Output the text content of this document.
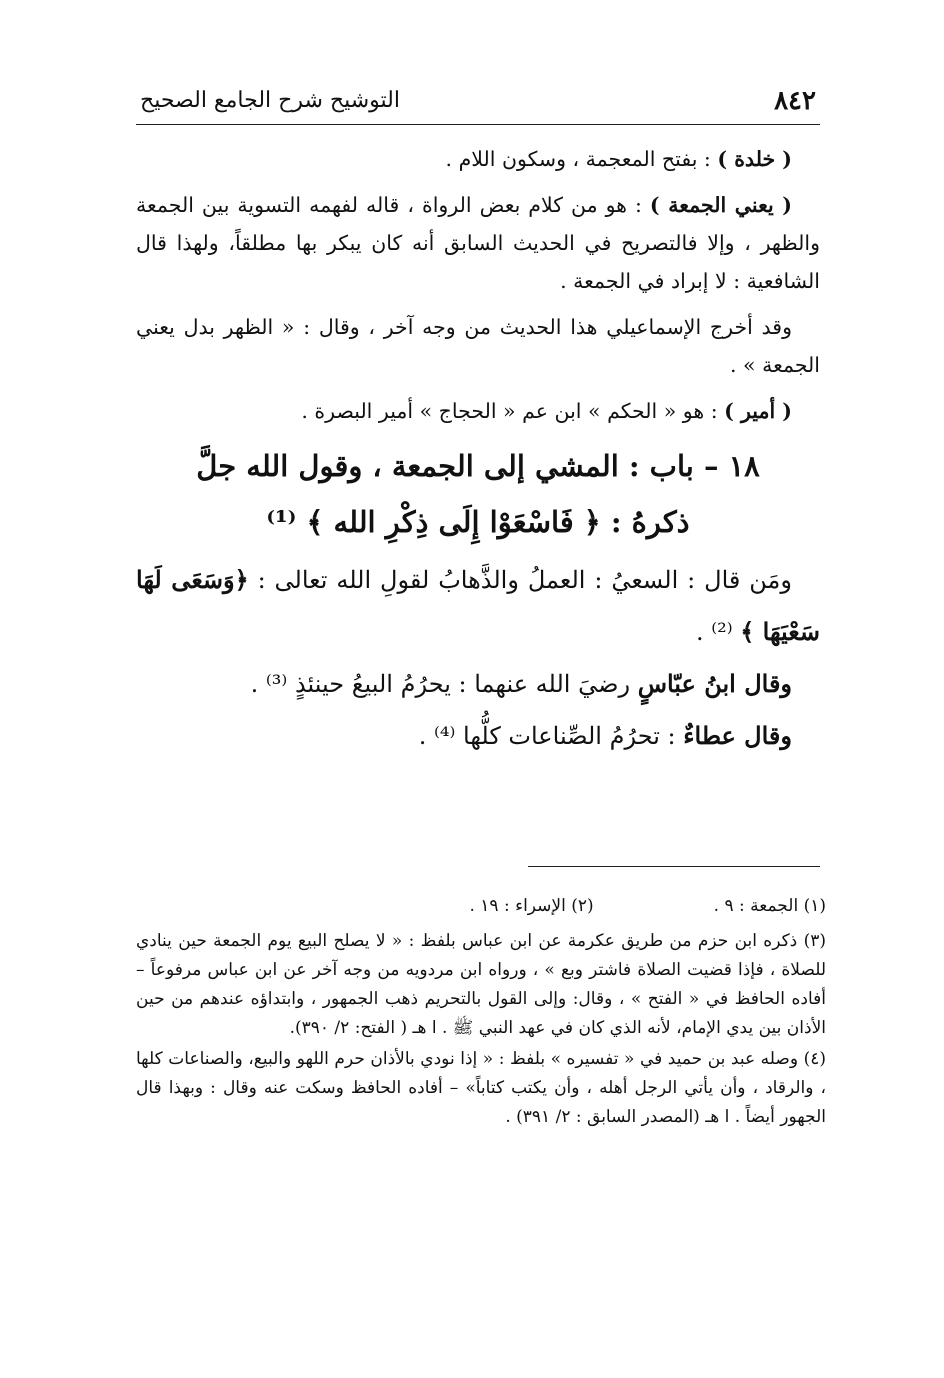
٨٤٢
التوشيح شرح الجامع الصحيح

( خلدة ) : بفتح المعجمة ، وسكون اللام .

( يعني الجمعة ) : هو من كلام بعض الرواة ، قاله لفهمه التسوية بين الجمعة والظهر ، وإلا فالتصريح في الحديث السابق أنه كان يبكر بها مطلقاً، ولهذا قال الشافعية : لا إبراد في الجمعة .

وقد أخرج الإسماعيلي هذا الحديث من وجه آخر ، وقال : « الظهر بدل يعني الجمعة » .

( أمير ) : هو « الحكم » ابن عم « الحجاج » أمير البصرة .

١٨ – باب : المشي إلى الجمعة ، وقول الله جلَّ
ذكرهُ : ﴿ فَاسْعَوْا إِلَى ذِكْرِ الله ﴾ ⁽¹⁾

ومَن قال : السعيُ : العملُ والذَّهابُ لقولِ الله تعالى : ﴿وَسَعَى لَهَا سَعْيَهَا ﴾ ⁽²⁾ .

وقال ابنُ عبّاسٍ رضيَ الله عنهما : يحرُمُ البيعُ حينئذٍ ⁽³⁾ .

وقال عطاءٌ : تحرُمُ الصِّناعات كلُّها ⁽⁴⁾ .

(١) الجمعة : ٩ .
(٢) الإسراء : ١٩ .

(٣) ذكره ابن حزم من طريق عكرمة عن ابن عباس بلفظ : « لا يصلح البيع يوم الجمعة حين ينادي للصلاة ، فإذا قضيت الصلاة فاشتر وبع » ، ورواه ابن مردويه من وجه آخر عن ابن عباس مرفوعاً – أفاده الحافظ في « الفتح » ، وقال: وإلى القول بالتحريم ذهب الجمهور ، وابتداؤه عندهم من حين الأذان بين يدي الإمام، لأنه الذي كان في عهد النبي ﷺ . ا هـ ( الفتح: ٢/ ٣٩٠).

(٤) وصله عبد بن حميد في « تفسيره » بلفظ : « إذا نودي بالأذان حرم اللهو والبيع، والصناعات كلها ، والرقاد ، وأن يأتي الرجل أهله ، وأن يكتب كتاباً» – أفاده الحافظ وسكت عنه وقال : وبهذا قال الجهور أيضاً . ا هـ (المصدر السابق : ٢/ ٣٩١) .
